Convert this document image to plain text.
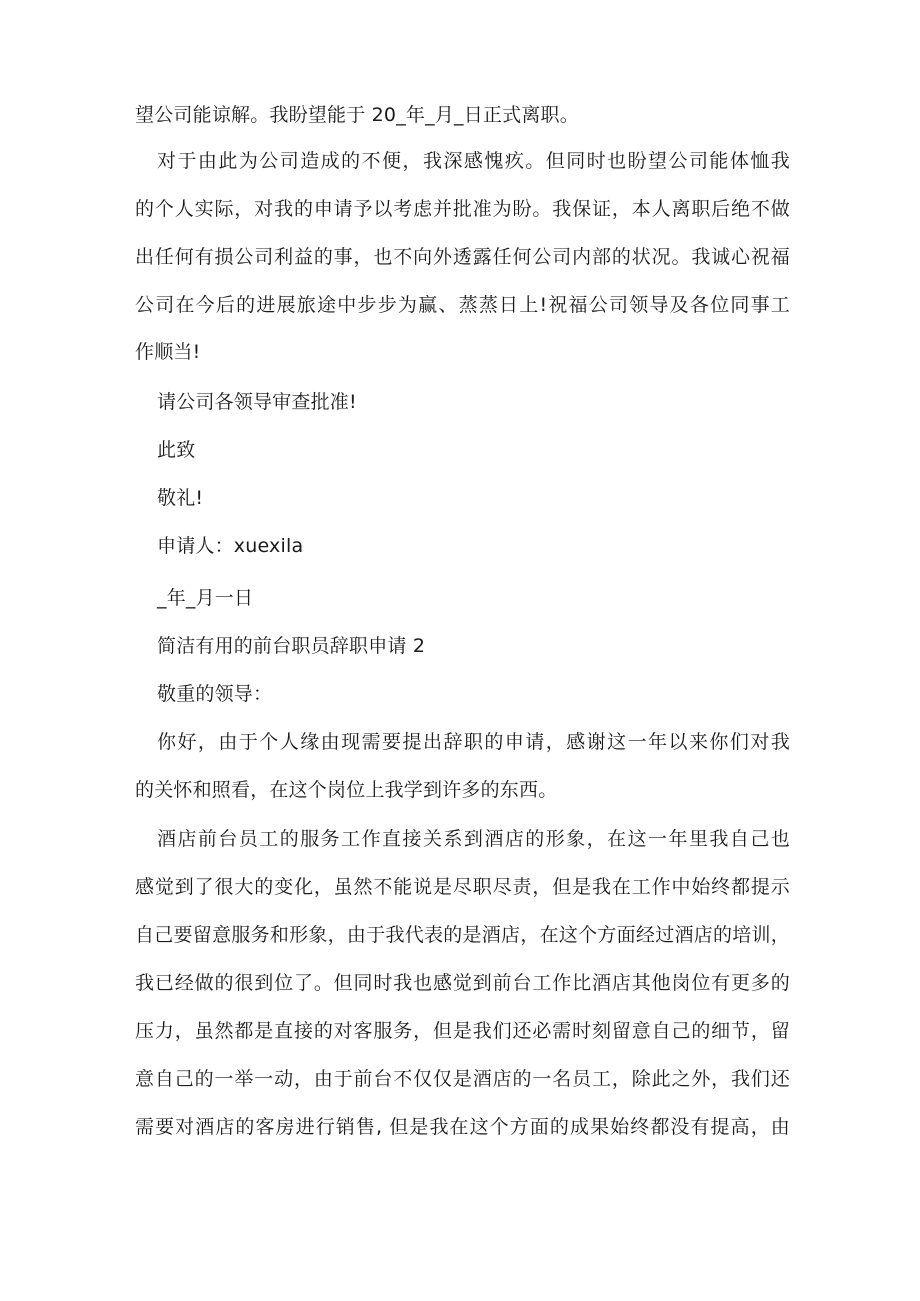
望公司能谅解。我盼望能于 20_年_月_日正式离职。
对于由此为公司造成的不便，我深感愧疚。但同时也盼望公司能体恤我
的个人实际，对我的申请予以考虑并批准为盼。我保证，本人离职后绝不做
出任何有损公司利益的事，也不向外透露任何公司内部的状况。我诚心祝福
公司在今后的进展旅途中步步为赢、蒸蒸日上!祝福公司领导及各位同事工
作顺当!
请公司各领导审查批准!
此致
敬礼!
申请人：xuexila
_年_月一日
简洁有用的前台职员辞职申请 2
敬重的领导：
你好，由于个人缘由现需要提出辞职的申请，感谢这一年以来你们对我
的关怀和照看，在这个岗位上我学到许多的东西。
酒店前台员工的服务工作直接关系到酒店的形象，在这一年里我自己也
感觉到了很大的变化，虽然不能说是尽职尽责，但是我在工作中始终都提示
自己要留意服务和形象，由于我代表的是酒店，在这个方面经过酒店的培训，
我已经做的很到位了。但同时我也感觉到前台工作比酒店其他岗位有更多的
压力，虽然都是直接的对客服务，但是我们还必需时刻留意自己的细节，留
意自己的一举一动，由于前台不仅仅是酒店的一名员工，除此之外，我们还
需要对酒店的客房进行销售, 但是我在这个方面的成果始终都没有提高，由
